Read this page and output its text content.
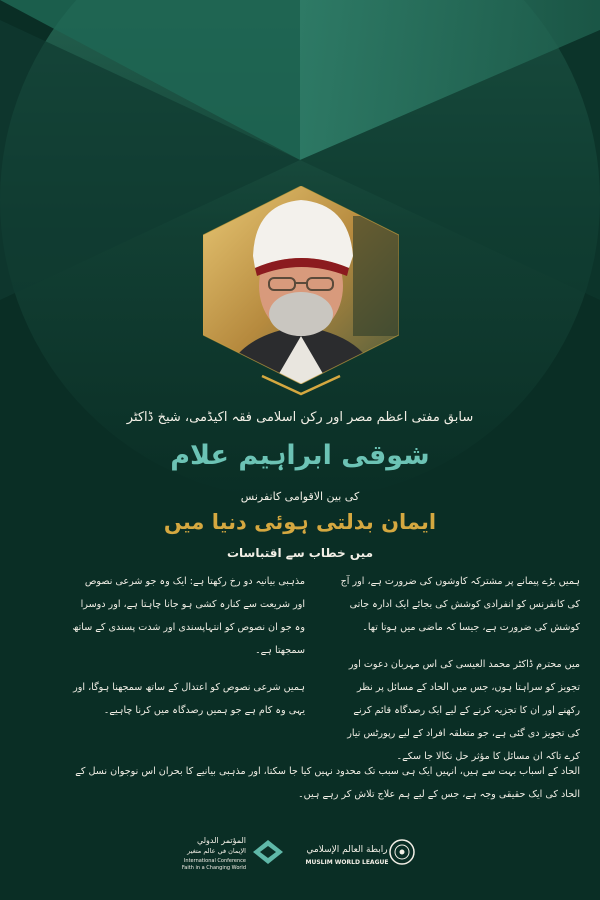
سابق مفتی اعظم مصر اور رکن اسلامی فقہ اکیڈمی، شیخ ڈاکٹر
شوقی ابراہیم علام
کی بین الاقوامی کانفرنس
ایمان بدلتی ہوئی دنیا میں
میں خطاب سے اقتباسات

ہمیں بڑے پیمانے پر مشترکہ کاوشوں کی ضرورت ہے، اور آج کی کانفرنس کو انفرادی کوشش کی بجائے ایک ادارہ جاتی کوشش کی ضرورت ہے، جیسا کہ ماضی میں ہوتا تھا۔

میں محترم ڈاکٹر محمد العیسی کی اس مہربان دعوت اور تجویز کو سراہتا ہوں، جس میں الحاد کے مسائل پر نظر رکھنے اور ان کا تجزیہ کرنے کے لیے ایک رصدگاہ قائم کرنے کی تجویز دی گئی ہے، جو متعلقہ افراد کے لیے رپورٹس تیار کرے تاکہ ان مسائل کا مؤثر حل نکالا جا سکے۔

مذہبی بیانیہ دو رخ رکھتا ہے: ایک وہ جو شرعی نصوص اور شریعت سے کنارہ کشی ہو جانا چاہتا ہے، اور دوسرا وہ جو ان نصوص کو انتہاپسندی اور شدت پسندی کے ساتھ سمجھتا ہے۔

ہمیں شرعی نصوص کو اعتدال کے ساتھ سمجھنا ہوگا، اور یہی وہ کام ہے جو ہمیں رصدگاہ میں کرنا چاہیے۔

الحاد کے اسباب بہت سے ہیں، انہیں ایک ہی سبب تک محدود نہیں کیا جا سکتا، اور مذہبی بیانیے کا بحران اس نوجوان نسل کے الحاد کی ایک حقیقی وجہ ہے، جس کے لیے ہم علاج تلاش کر رہے ہیں۔
المؤتمر الدولي
الإيمان في عالم متغير
International Conference
Faith in a Changing World
رابطة العالم الإسلامي
MUSLIM WORLD LEAGUE
